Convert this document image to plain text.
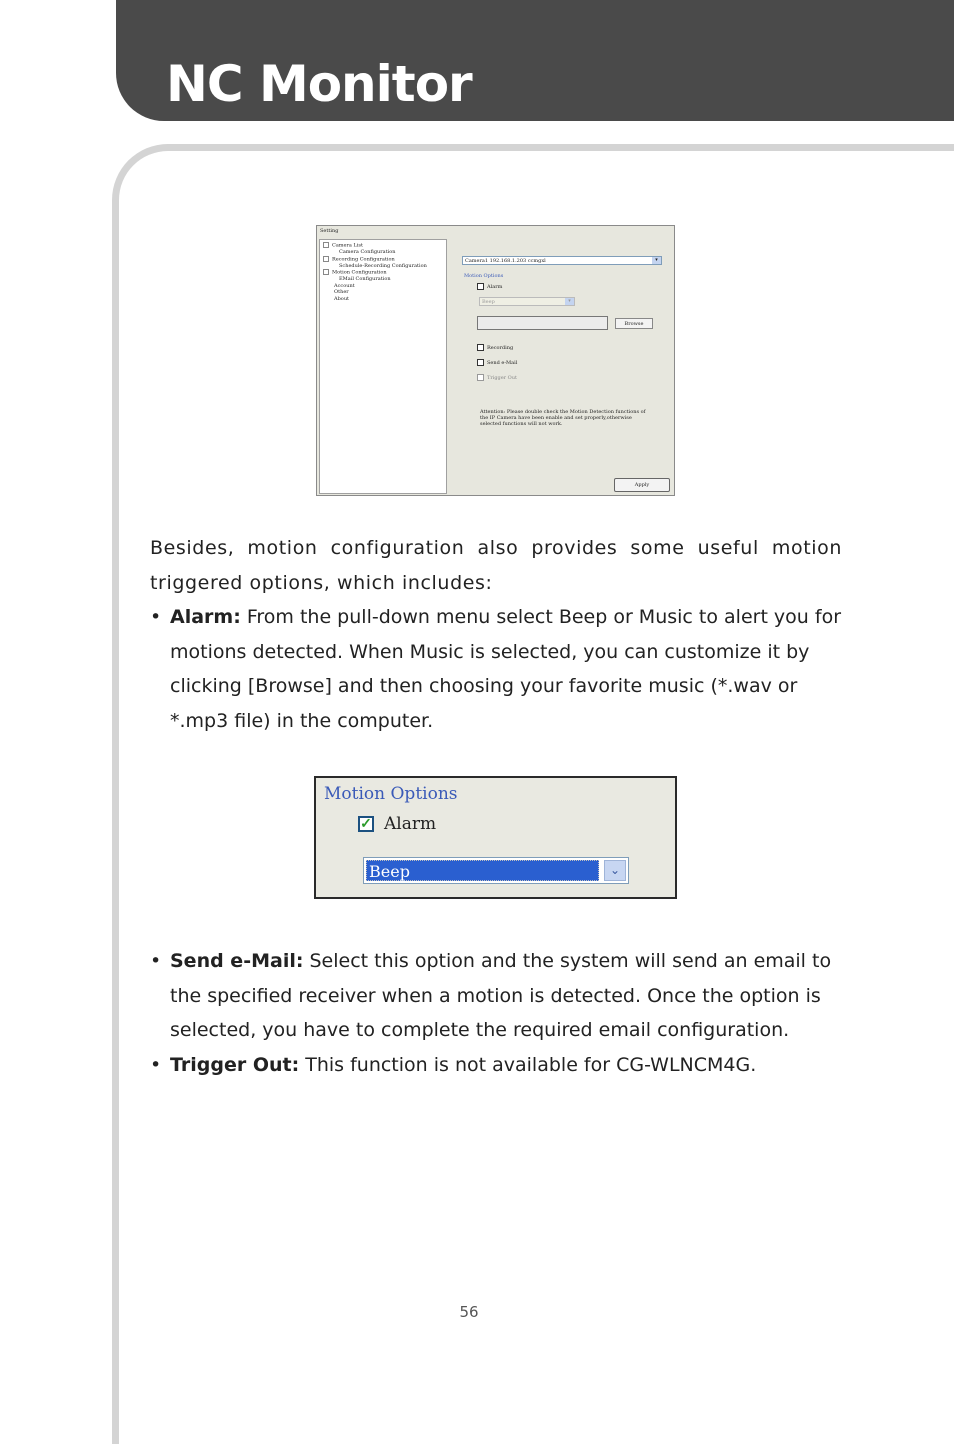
NC Monitor
Setting
Camera List
Camera Configuration
Recording Configuration
Schedule-Recording Configuration
Motion Configuration
EMail Configuration
Account
Other
About
Camera1 192.168.1.203 ccmgxl	▾
Motion Options
Alarm
Beep	▾
Browse
Recording
Send e-Mail
Trigger Out
Attention: Please double check the Motion Detection functions of the IP Camera have been enable and set properly,otherwise selected functions will not work.
Apply
Besides, motion configuration also provides some useful motion triggered options, which includes:
• Alarm: From the pull-down menu select Beep or Music to alert you for motions detected. When Music is selected, you can customize it by clicking [Browse] and then choosing your favorite music (*.wav or *.mp3 file) in the computer.
Motion Options
✓ Alarm
Beep	⌄
• Send e-Mail: Select this option and the system will send an email to the specified receiver when a motion is detected. Once the option is selected, you have to complete the required email configuration.
• Trigger Out: This function is not available for CG-WLNCM4G.
56
